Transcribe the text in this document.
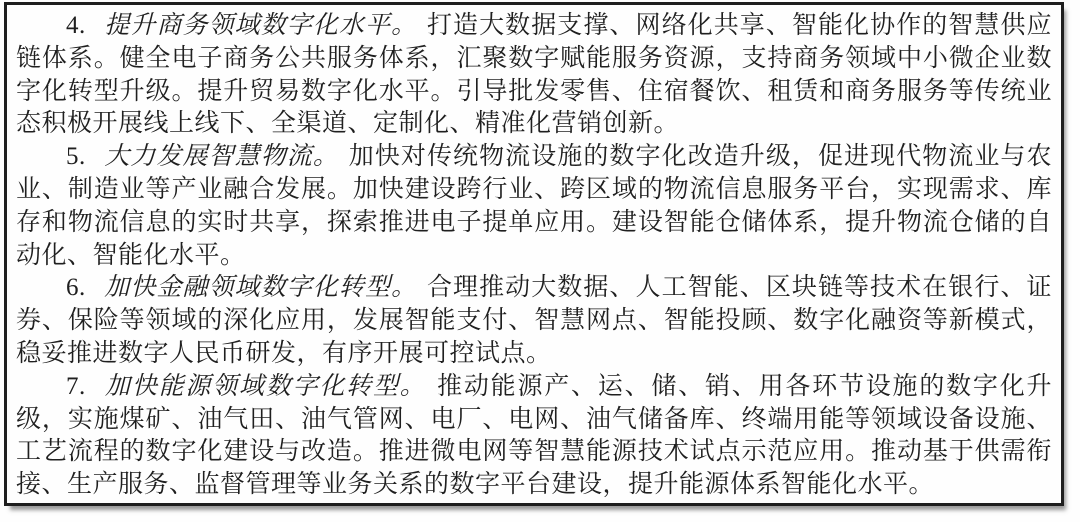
4. 提升商务领域数字化水平。 打造大数据支撑、网络化共享、智能化协作的智慧供应链体系。健全电子商务公共服务体系，汇聚数字赋能服务资源，支持商务领域中小微企业数字化转型升级。提升贸易数字化水平。引导批发零售、住宿餐饮、租赁和商务服务等传统业态积极开展线上线下、全渠道、定制化、精准化营销创新。

5. 大力发展智慧物流。 加快对传统物流设施的数字化改造升级，促进现代物流业与农业、制造业等产业融合发展。加快建设跨行业、跨区域的物流信息服务平台，实现需求、库存和物流信息的实时共享，探索推进电子提单应用。建设智能仓储体系，提升物流仓储的自动化、智能化水平。

6. 加快金融领域数字化转型。 合理推动大数据、人工智能、区块链等技术在银行、证券、保险等领域的深化应用，发展智能支付、智慧网点、智能投顾、数字化融资等新模式，稳妥推进数字人民币研发，有序开展可控试点。

7. 加快能源领域数字化转型。 推动能源产、运、储、销、用各环节设施的数字化升级，实施煤矿、油气田、油气管网、电厂、电网、油气储备库、终端用能等领域设备设施、工艺流程的数字化建设与改造。推进微电网等智慧能源技术试点示范应用。推动基于供需衔接、生产服务、监督管理等业务关系的数字平台建设，提升能源体系智能化水平。
